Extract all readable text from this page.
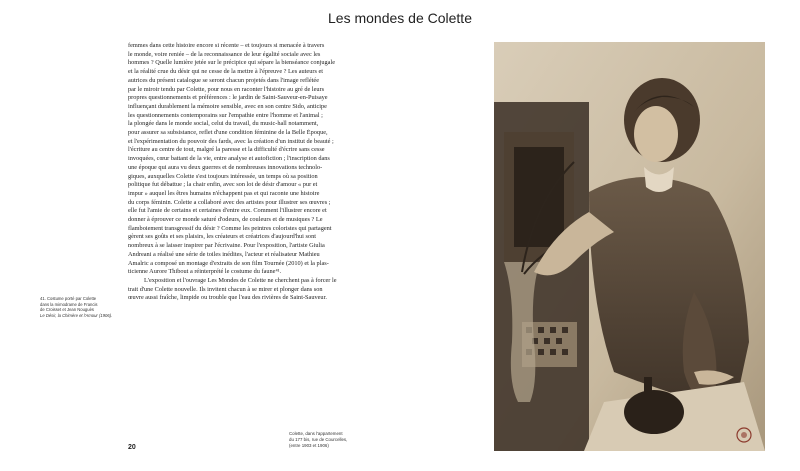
Les mondes de Colette
41. Costume porté par Colette
dans la mimodrame de Francis
de Croisset et Jean Nouguès
Le Désir, la Chimère et l'Amour (1906).
femmes dans cette histoire encore si récente – et toujours si menacée à travers
le monde, voire reniée – de la reconnaissance de leur égalité sociale avec les
hommes ? Quelle lumière jetée sur le précipice qui sépare la bienséance conjugale
et la réalité crue du désir qui ne cesse de la mettre à l'épreuve ? Les auteurs et
autrices du présent catalogue se seront chacun projetés dans l'image reflétée
par le miroir tendu par Colette, pour nous en raconter l'histoire au gré de leurs
propres questionnements et préférences : le jardin de Saint-Sauveur-en-Puisaye
influençant durablement la mémoire sensible, avec en son centre Sido, anticipe
les questionnements contemporains sur l'empathie entre l'homme et l'animal ;
la plongée dans le monde social, celui du travail, du music-hall notamment,
pour assurer sa subsistance, reflet d'une condition féminine de la Belle Époque,
et l'expérimentation du pouvoir des fards, avec la création d'un institut de beauté ;
l'écriture au centre de tout, malgré la paresse et la difficulté d'écrire sans cesse
invoquées, cœur battant de la vie, entre analyse et autofiction ; l'inscription dans
une époque qui aura vu deux guerres et de nombreuses innovations technolo-
giques, auxquelles Colette s'est toujours intéressée, un temps où sa position
politique fut débattue ; la chair enfin, avec son lot de désir d'amour « pur et
impur » auquel les êtres humains n'échappent pas et qui raconte une histoire
du corps féminin. Colette a collaboré avec des artistes pour illustrer ses œuvres ;
elle fut l'amie de certains et certaines d'entre eux. Comment l'illustrer encore et
donner à éprouver ce monde saturé d'odeurs, de couleurs et de musiques ? Le
flamboiement transgressif du désir ? Comme les peintres coloristes qui partagent
gèrent ses goûts et ses plaisirs, les créateurs et créatrices d'aujourd'hui sont
nombreux à se laisser inspirer par l'écrivaine. Pour l'exposition, l'artiste Giulia
Andreani a réalisé une série de toiles inédites, l'acteur et réalisateur Mathieu
Amalric a composé un montage d'extraits de son film Tournée (2010) et la plas-
ticienne Aurore Thibout a réinterprété le costume du faune⁴¹.
L'exposition et l'ouvrage Les Mondes de Colette ne cherchent pas à forcer le
trait d'une Colette nouvelle. Ils invitent chacun à se mirer et plonger dans son
œuvre aussi fraîche, limpide ou trouble que l'eau des rivières de Saint-Sauveur.
20
Colette, dans l'appartement
du 177 bis, rue de Courcelles,
(entre 1903 et 1906)
